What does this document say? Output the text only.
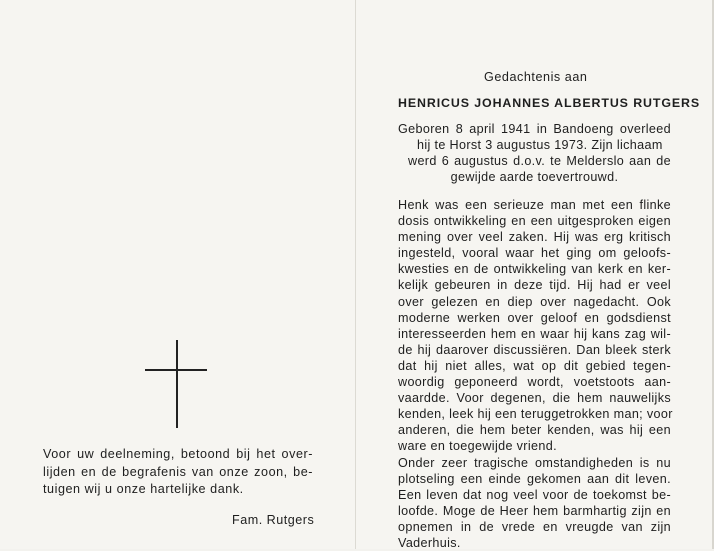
Voor uw deelneming, betoond bij het over-
lijden en de begrafenis van onze zoon, be-
tuigen wij u onze hartelijke dank.
Fam. Rutgers
Gedachtenis aan
HENRICUS JOHANNES ALBERTUS RUTGERS
Geboren 8 april 1941 in Bandoeng overleed
hij te Horst 3 augustus 1973. Zijn lichaam
werd 6 augustus d.o.v. te Melderslo aan de
gewijde aarde toevertrouwd.
Henk was een serieuze man met een flinke
dosis ontwikkeling en een uitgesproken eigen
mening over veel zaken. Hij was erg kritisch
ingesteld, vooral waar het ging om geloofs-
kwesties en de ontwikkeling van kerk en ker-
kelijk gebeuren in deze tijd. Hij had er veel
over gelezen en diep over nagedacht. Ook
moderne werken over geloof en godsdienst
interesseerden hem en waar hij kans zag wil-
de hij daarover discussiëren. Dan bleek sterk
dat hij niet alles, wat op dit gebied tegen-
woordig geponeerd wordt, voetstoots aan-
vaardde. Voor degenen, die hem nauwelijks
kenden, leek hij een teruggetrokken man; voor
anderen, die hem beter kenden, was hij een
ware en toegewijde vriend.
Onder zeer tragische omstandigheden is nu
plotseling een einde gekomen aan dit leven.
Een leven dat nog veel voor de toekomst be-
loofde. Moge de Heer hem barmhartig zijn en
opnemen in de vrede en vreugde van zijn
Vaderhuis.
